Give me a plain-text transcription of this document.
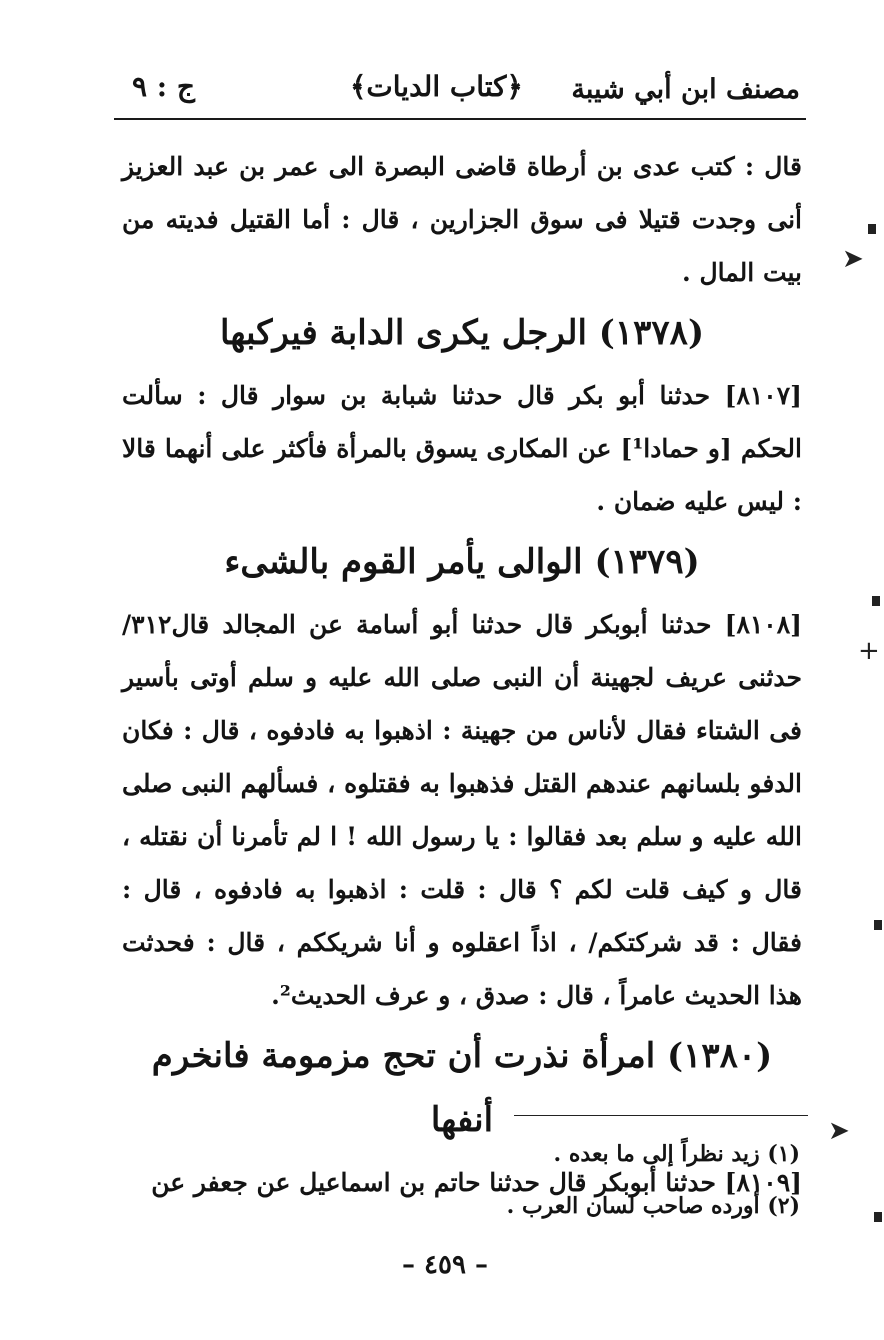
مصنف ابن أبي شيبة
﴿كتاب الديات﴾
ج : ٩

قال : كتب عدى بن أرطاة قاضى البصرة الى عمر بن عبد العزيز أنى وجدت قتيلا فى سوق الجزارين ، قال : أما القتيل فديته من بيت المال .

(١٣٧٨) الرجل يكرى الدابة فيركبها

[٨١٠٧] حدثنا أبو بكر قال حدثنا شبابة بن سوار قال : سألت الحكم [و حمادا¹] عن المكارى يسوق بالمرأة فأكثر على أنهما قالا : ليس عليه ضمان .

(١٣٧٩) الوالى يأمر القوم بالشىء

٣١٢/ [٨١٠٨] حدثنا أبوبكر قال حدثنا أبو أسامة عن المجالد قال حدثنى عريف لجهينة أن النبى صلى الله عليه و سلم أوتى بأسير فى الشتاء فقال لأناس من جهينة : اذهبوا به فادفوه ، قال : فكان الدفو بلسانهم عندهم القتل فذهبوا به فقتلوه ، فسألهم النبى صلى الله عليه و سلم بعد فقالوا : يا رسول الله ! ا لم تأمرنا أن نقتله ، قال و كيف قلت لكم ؟ قال : قلت : اذهبوا به فادفوه ، قال : فقال : قد شركتكم/ ، اذاً اعقلوه و أنا شريككم ، قال : فحدثت هذا الحديث عامراً ، قال : صدق ، و عرف الحديث².

(١٣٨٠) امرأة نذرت أن تحج مزمومة فانخرم أنفها

[٨١٠٩] حدثنا أبوبكر قال حدثنا حاتم بن اسماعيل عن جعفر عن

(١) زيد نظراً إلى ما بعده .
(٢) أورده صاحب لسان العرب .
– ٤٥٩ –
➤
+
➤
